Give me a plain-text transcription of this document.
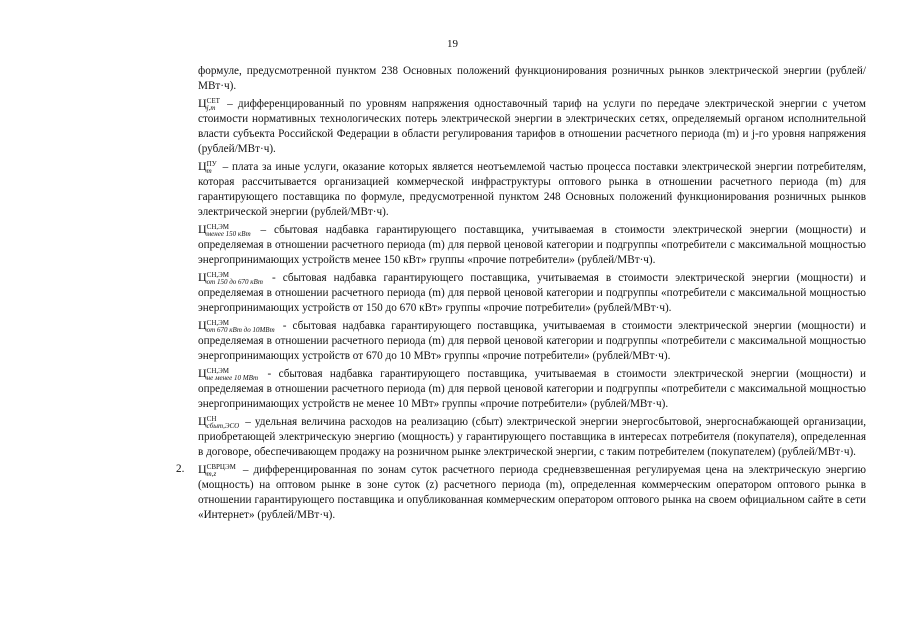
19

формуле, предусмотренной пунктом 238 Основных положений функционирования розничных рынков электрической энергии (рублей/МВт·ч).

Ц СЕТ
j,m – дифференцированный по уровням напряжения одноставочный тариф на услуги по передаче электрической энергии с учетом стоимости нормативных технологических потерь электрической энергии в электрических сетях, определяемый органом исполнительной власти субъекта Российской Федерации в области регулирования тарифов в отношении расчетного периода (m) и j-го уровня напряжения (рублей/МВт·ч).

Ц ПУ
m – плата за иные услуги, оказание которых является неотъемлемой частью процесса поставки электрической энергии потребителям, которая рассчитывается организацией коммерческой инфраструктуры оптового рынка в отношении расчетного периода (m) для гарантирующего поставщика по формуле, предусмотренной пунктом 248 Основных положений функционирования розничных рынков электрической энергии (рублей/МВт·ч).

Ц СН,ЭМ
менее 150 кВт – сбытовая надбавка гарантирующего поставщика, учитываемая в стоимости электрической энергии (мощности) и определяемая в отношении расчетного периода (m) для первой ценовой категории и подгруппы «потребители с максимальной мощностью энергопринимающих устройств менее 150 кВт» группы «прочие потребители» (рублей/МВт·ч).

Ц СН,ЭМ
от 150 до 670 кВт - сбытовая надбавка гарантирующего поставщика, учитываемая в стоимости электрической энергии (мощности) и определяемая в отношении расчетного периода (m) для первой ценовой категории и подгруппы «потребители с максимальной мощностью энергопринимающих устройств от 150 до 670 кВт» группы «прочие потребители» (рублей/МВт·ч).

Ц СН,ЭМ
от 670 кВт до 10МВт - сбытовая надбавка гарантирующего поставщика, учитываемая в стоимости электрической энергии (мощности) и определяемая в отношении расчетного периода (m) для первой ценовой категории и подгруппы «потребители с максимальной мощностью энергопринимающих устройств от 670 до 10 МВт» группы «прочие потребители» (рублей/МВт·ч).

Ц СН,ЭМ
не менее 10 МВт - сбытовая надбавка гарантирующего поставщика, учитываемая в стоимости электрической энергии (мощности) и определяемая в отношении расчетного периода (m) для первой ценовой категории и подгруппы «потребители с максимальной мощностью энергопринимающих устройств не менее 10 МВт» группы «прочие потребители» (рублей/МВт·ч).

Ц СН
сбыт,ЭСО – удельная величина расходов на реализацию (сбыт) электрической энергии энергосбытовой, энергоснабжающей организации, приобретающей электрическую энергию (мощность) у гарантирующего поставщика в интересах потребителя (покупателя), определенная в договоре, обеспечивающем продажу на розничном рынке электрической энергии, с таким потребителем (покупателем) (рублей/МВт·ч).

2. Ц СВРЦЭМ
m,z	– дифференцированная по зонам суток расчетного периода средневзвешенная регулируемая цена на электрическую энергию (мощность) на оптовом рынке в зоне суток (z) расчетного периода (m), определенная коммерческим оператором оптового рынка в отношении гарантирующего поставщика и опубликованная коммерческим оператором оптового рынка на своем официальном сайте в сети «Интернет» (рублей/МВт·ч).
